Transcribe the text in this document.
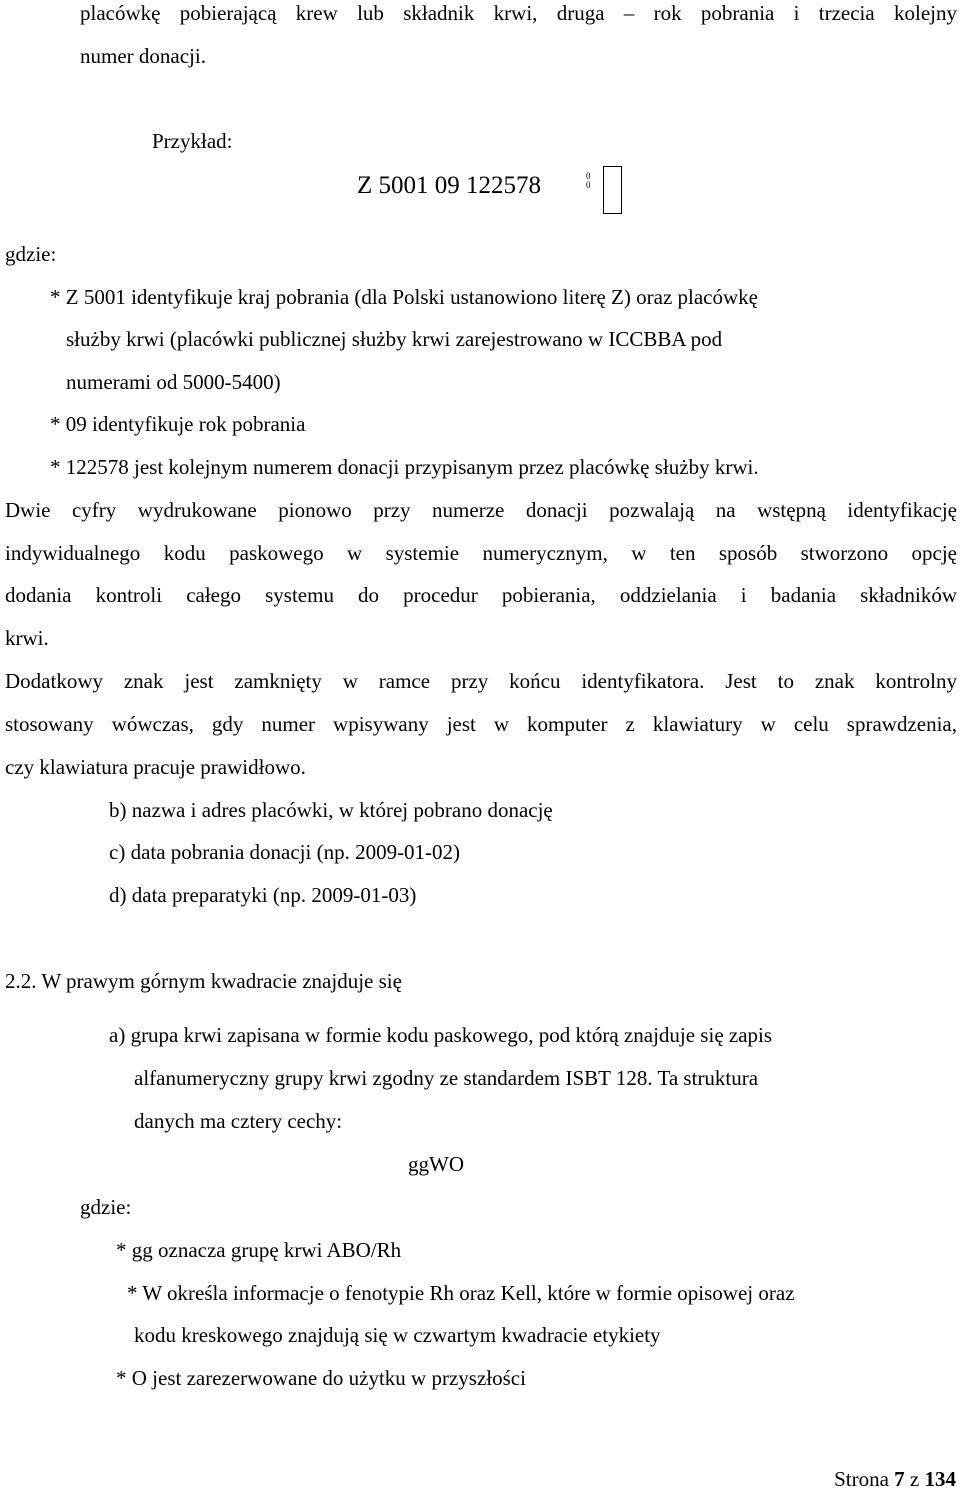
placówkę pobierającą krew lub składnik krwi, druga – rok pobrania i trzecia kolejny
numer donacji.
Przykład:
Z 5001 09 122578	0
0
gdzie:
* Z 5001 identyfikuje kraj pobrania (dla Polski ustanowiono literę Z) oraz placówkę
służby krwi (placówki publicznej służby krwi zarejestrowano w ICCBBA pod
numerami od 5000-5400)
* 09 identyfikuje rok pobrania
* 122578 jest kolejnym numerem donacji przypisanym przez placówkę służby krwi.
Dwie cyfry wydrukowane pionowo przy numerze donacji pozwalają na wstępną identyfikację
indywidualnego kodu paskowego w systemie numerycznym, w ten sposób stworzono opcję
dodania kontroli całego systemu do procedur pobierania, oddzielania i badania składników
krwi.
Dodatkowy znak jest zamknięty w ramce przy końcu identyfikatora. Jest to znak kontrolny
stosowany wówczas, gdy numer wpisywany jest w komputer z klawiatury w celu sprawdzenia,
czy klawiatura pracuje prawidłowo.
b) nazwa i adres placówki, w której pobrano donację
c) data pobrania donacji (np. 2009-01-02)
d) data preparatyki (np. 2009-01-03)
2.2. W prawym górnym kwadracie znajduje się
a) grupa krwi zapisana w formie kodu paskowego, pod którą znajduje się zapis
alfanumeryczny grupy krwi zgodny ze standardem ISBT 128. Ta struktura
danych ma cztery cechy:
ggWO
gdzie:
* gg oznacza grupę krwi ABO/Rh
* W określa informacje o fenotypie Rh oraz Kell, które w formie opisowej oraz
kodu kreskowego znajdują się w czwartym kwadracie etykiety
* O jest zarezerwowane do użytku w przyszłości
Strona 7 z 134
